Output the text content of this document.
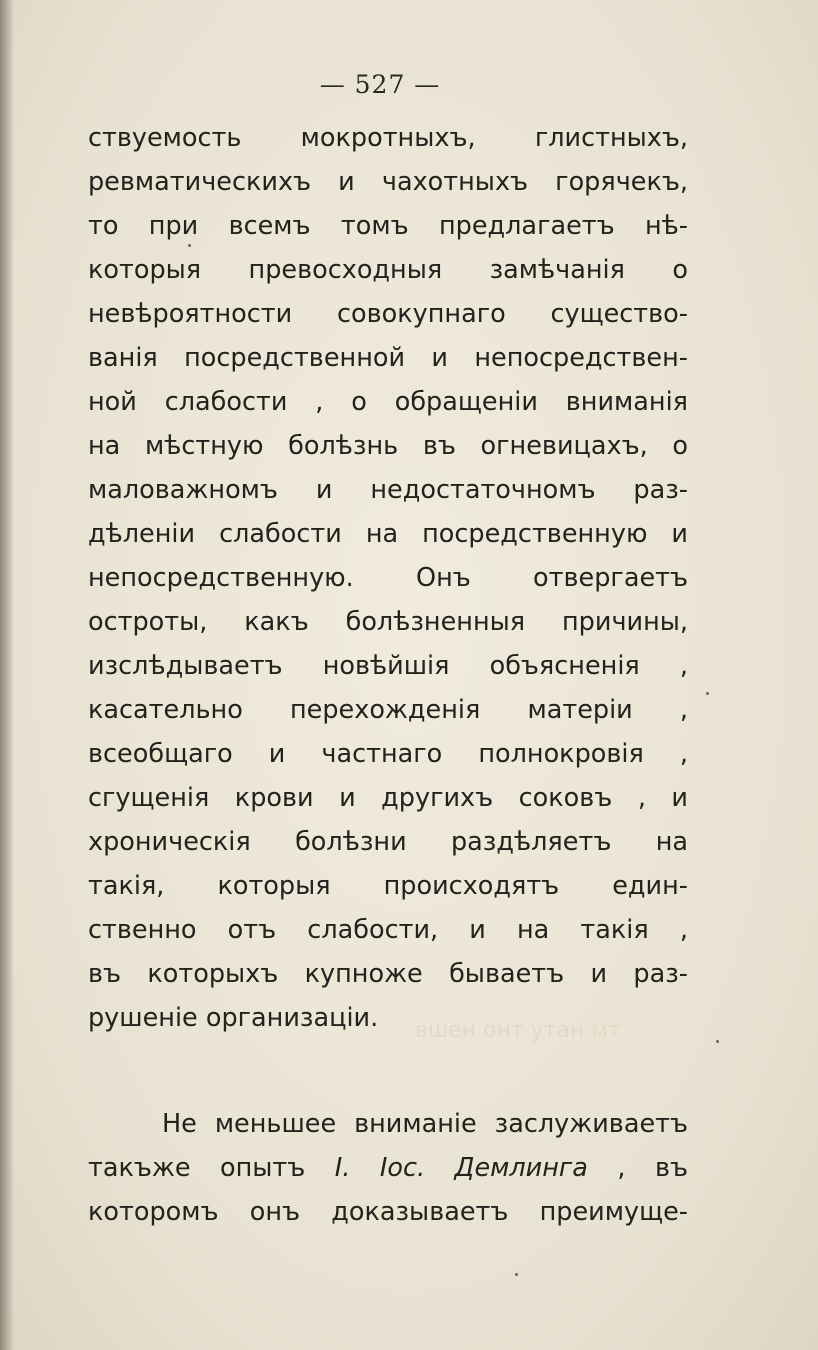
— 527 —
ствуемость мокротныхъ, глистныхъ,
ревматическихъ и чахотныхъ горячекъ,
то при всемъ томъ предлагаетъ нѣ-
которыя превосходныя замѣчанія о
невѣроятности совокупнаго существо-
ванія посредственной и непосредствен-
ной слабости , о обращеніи вниманія
на мѣстную болѣзнь въ огневицахъ, о
маловажномъ и недостаточномъ раз-
дѣленіи слабости на посредственную и
непосредственную. Онъ отвергаетъ
остроты, какъ болѣзненныя причины,
изслѣдываетъ новѣйшія объясненія ,
касательно перехожденія матеріи ,
всеобщаго и частнаго полнокровія ,
сгущенія крови и другихъ соковъ , и
хроническія болѣзни раздѣляетъ на
такія, которыя происходятъ един-
ственно отъ слабости, и на такія ,
въ которыхъ купноже бываетъ и раз-
рушеніе организаціи.	вшен онт утан мт
Не меньшее вниманіе заслуживаетъ
такъже опытъ I. Іос. Демлинга , въ
которомъ онъ доказываетъ преимуще-
